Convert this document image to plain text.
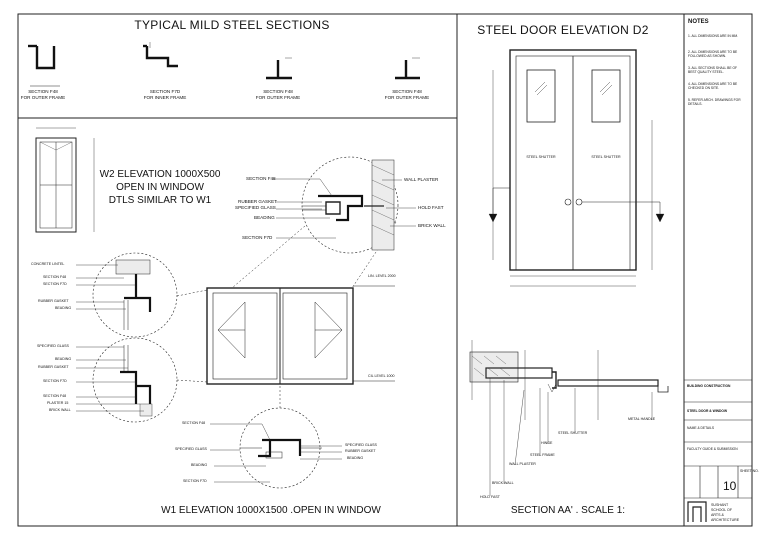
TYPICAL MILD STEEL SECTIONS
SECTION F48
FOR OUTER FRAME
SECTION F7D
FOR INNER FRAME
SECTION F48
FOR OUTER FRAME
SECTION F48
FOR OUTER FRAME
W2 ELEVATION 1000X500
OPEN IN WINDOW
DTLS SIMILAR TO W1
SECTION F48
RUBBER GASKET
SPECIFIED GLASS
BEADING
SECTION F7D
WALL PLASTER
HOLD FAST
BRICK WALL
CONCRETE LINTEL
SECTION F48
SECTION F7D
RUBBER GASKET
BEADING
SPECIFIED GLASS
BEADING
RUBBER GASKET
SECTION F7D
SECTION F48
PLASTER 15
BRICK WALL
LIN. LEVEL 2000
CIL LEVEL 1000
SECTION F48
SPECIFIED GLASS
BEADING
SECTION F7D
SPECIFIED GLASS
RUBBER GASKET
BEADING
W1 ELEVATION 1000X1500 .OPEN IN WINDOW
STEEL DOOR ELEVATION D2
STEEL SHUTTER	STEEL SHUTTER
HOLD FAST
BRICK WALL
WALL PLASTER
STEEL FRAME
HINGE
STEEL SHUTTER
METAL HANDLE
SECTION AA' . SCALE 1:
NOTES
1. ALL DIMENSIONS ARE IN MM.
2. ALL DIMENSIONS ARE TO BE FOLLOWED AS SHOWN.
3. ALL SECTIONS SHALL BE OF BEST QUALITY STEEL.
4. ALL DIMENSIONS ARE TO BE CHECKED ON SITE.
5. REFER ARCH. DRAWINGS FOR DETAILS.
BUILDING CONSTRUCTION
STEEL DOOR & WINDOW
NAME & DETAILS
FACULTY GUIDE & SUBMISSION
SHEET NO.
10
SUSHANT
SCHOOL OF
ARTS &
ARCHITECTURE
